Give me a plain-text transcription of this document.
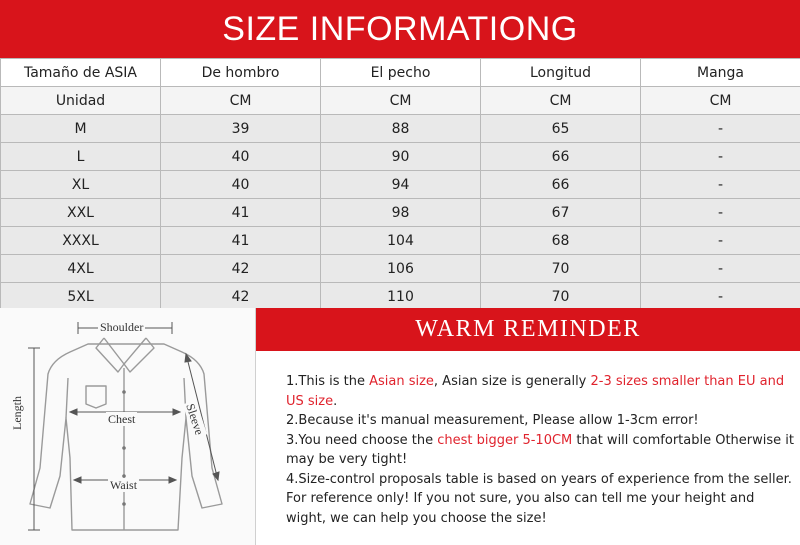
SIZE INFORMATIONG
Tamaño de ASIA	De hombro	El pecho	Longitud	Manga
Unidad	CM	CM	CM	CM
M	39	88	65	-
L	40	90	66	-
XL	40	94	66	-
XXL	41	98	67	-
XXXL	41	104	68	-
4XL	42	106	70	-
5XL	42	110	70	-
Shoulder
Chest
Waist
Length	Sleeve
WARM REMINDER

1.This is the Asian size, Asian size is generally 2-3 sizes smaller than EU and US size.

2.Because it's manual measurement, Please allow 1-3cm error!

3.You need choose the chest bigger 5-10CM that will comfortable Otherwise it may be very tight!

4.Size-control proposals table is based on years of experience from the seller. For reference only! If you not sure, you also can tell me your height and wight, we can help you choose the size!
